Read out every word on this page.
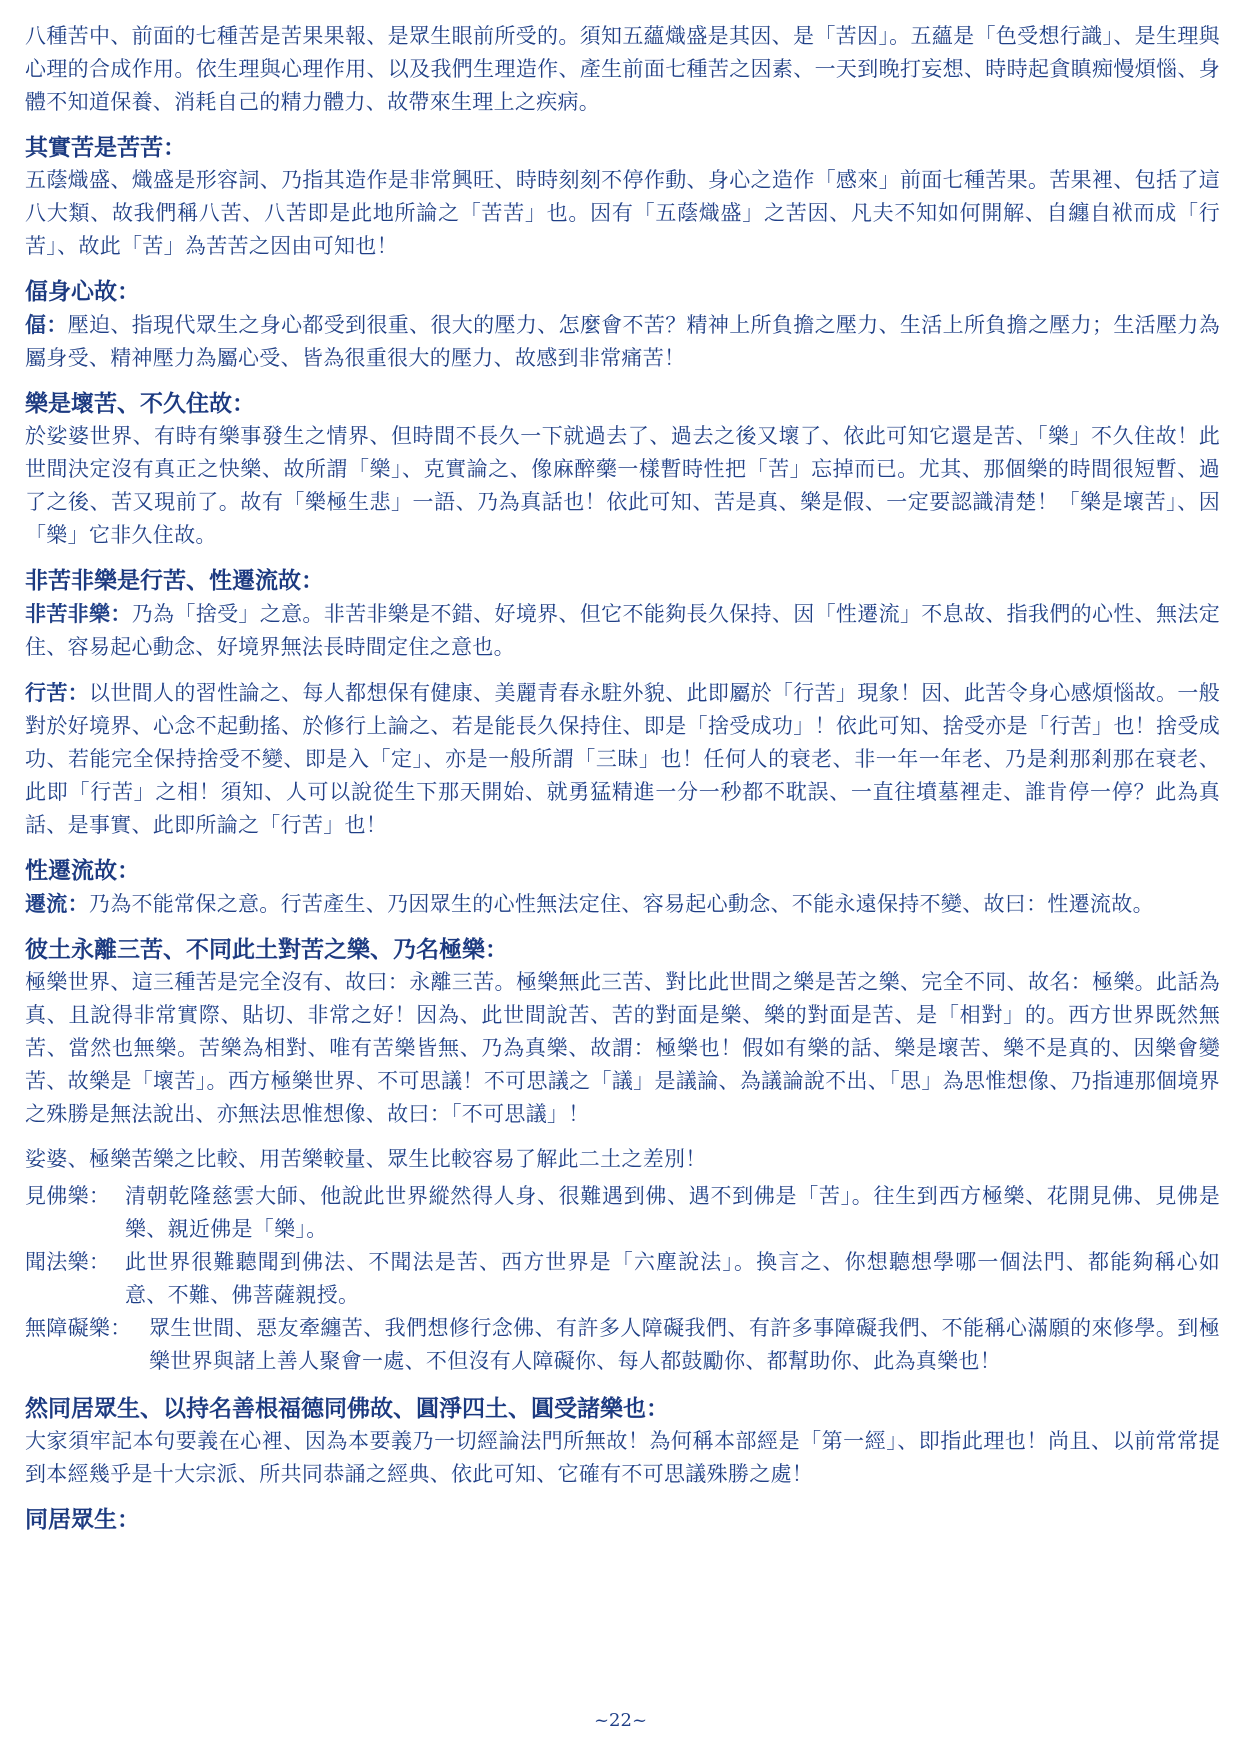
八種苦中、前面的七種苦是苦果果報、是眾生眼前所受的。須知五蘊熾盛是其因、是「苦因」。五蘊是「色受想行識」、是生理與心理的合成作用。依生理與心理作用、以及我們生理造作、產生前面七種苦之因素、一天到晚打妄想、時時起貪瞋痴慢煩惱、身體不知道保養、消耗自己的精力體力、故帶來生理上之疾病。

其實苦是苦苦：

五蔭熾盛、熾盛是形容詞、乃指其造作是非常興旺、時時刻刻不停作動、身心之造作「感來」前面七種苦果。苦果裡、包括了這八大類、故我們稱八苦、八苦即是此地所論之「苦苦」也。因有「五蔭熾盛」之苦因、凡夫不知如何開解、自纏自袱而成「行苦」、故此「苦」為苦苦之因由可知也！

偪身心故：

偪：壓迫、指現代眾生之身心都受到很重、很大的壓力、怎麼會不苦？精神上所負擔之壓力、生活上所負擔之壓力；生活壓力為屬身受、精神壓力為屬心受、皆為很重很大的壓力、故感到非常痛苦！

樂是壞苦、不久住故：

於娑婆世界、有時有樂事發生之情界、但時間不長久一下就過去了、過去之後又壞了、依此可知它還是苦、「樂」不久住故！此世間決定沒有真正之快樂、故所謂「樂」、克實論之、像麻醉藥一樣暫時性把「苦」忘掉而已。尤其、那個樂的時間很短暫、過了之後、苦又現前了。故有「樂極生悲」一語、乃為真話也！依此可知、苦是真、樂是假、一定要認識清楚！「樂是壞苦」、因「樂」它非久住故。

非苦非樂是行苦、性遷流故：

非苦非樂：乃為「捨受」之意。非苦非樂是不錯、好境界、但它不能夠長久保持、因「性遷流」不息故、指我們的心性、無法定住、容易起心動念、好境界無法長時間定住之意也。

行苦：以世間人的習性論之、每人都想保有健康、美麗青春永駐外貌、此即屬於「行苦」現象！因、此苦令身心感煩惱故。一般對於好境界、心念不起動搖、於修行上論之、若是能長久保持住、即是「捨受成功」！依此可知、捨受亦是「行苦」也！捨受成功、若能完全保持捨受不變、即是入「定」、亦是一般所謂「三昧」也！任何人的衰老、非一年一年老、乃是剎那剎那在衰老、此即「行苦」之相！須知、人可以說從生下那天開始、就勇猛精進一分一秒都不耽誤、一直往墳墓裡走、誰肯停一停？此為真話、是事實、此即所論之「行苦」也！

性遷流故：

遷流：乃為不能常保之意。行苦產生、乃因眾生的心性無法定住、容易起心動念、不能永遠保持不變、故曰：性遷流故。

彼土永離三苦、不同此土對苦之樂、乃名極樂：

極樂世界、這三種苦是完全沒有、故曰：永離三苦。極樂無此三苦、對比此世間之樂是苦之樂、完全不同、故名：極樂。此話為真、且說得非常實際、貼切、非常之好！因為、此世間說苦、苦的對面是樂、樂的對面是苦、是「相對」的。西方世界既然無苦、當然也無樂。苦樂為相對、唯有苦樂皆無、乃為真樂、故謂：極樂也！假如有樂的話、樂是壞苦、樂不是真的、因樂會變苦、故樂是「壞苦」。西方極樂世界、不可思議！不可思議之「議」是議論、為議論說不出、「思」為思惟想像、乃指連那個境界之殊勝是無法說出、亦無法思惟想像、故曰：「不可思議」！

娑婆、極樂苦樂之比較、用苦樂較量、眾生比較容易了解此二土之差別！

見佛樂： 清朝乾隆慈雲大師、他說此世界縱然得人身、很難遇到佛、遇不到佛是「苦」。往生到西方極樂、花開見佛、見佛是樂、親近佛是「樂」。
聞法樂： 此世界很難聽聞到佛法、不聞法是苦、西方世界是「六塵說法」。換言之、你想聽想學哪一個法門、都能夠稱心如意、不難、佛菩薩親授。
無障礙樂： 眾生世間、惡友牽纏苦、我們想修行念佛、有許多人障礙我們、有許多事障礙我們、不能稱心滿願的來修學。到極樂世界與諸上善人聚會一處、不但沒有人障礙你、每人都鼓勵你、都幫助你、此為真樂也！
然同居眾生、以持名善根福德同佛故、圓淨四土、圓受諸樂也：

大家須牢記本句要義在心裡、因為本要義乃一切經論法門所無故！為何稱本部經是「第一經」、即指此理也！尚且、以前常常提到本經幾乎是十大宗派、所共同恭誦之經典、依此可知、它確有不可思議殊勝之處！

同居眾生：
~22~
